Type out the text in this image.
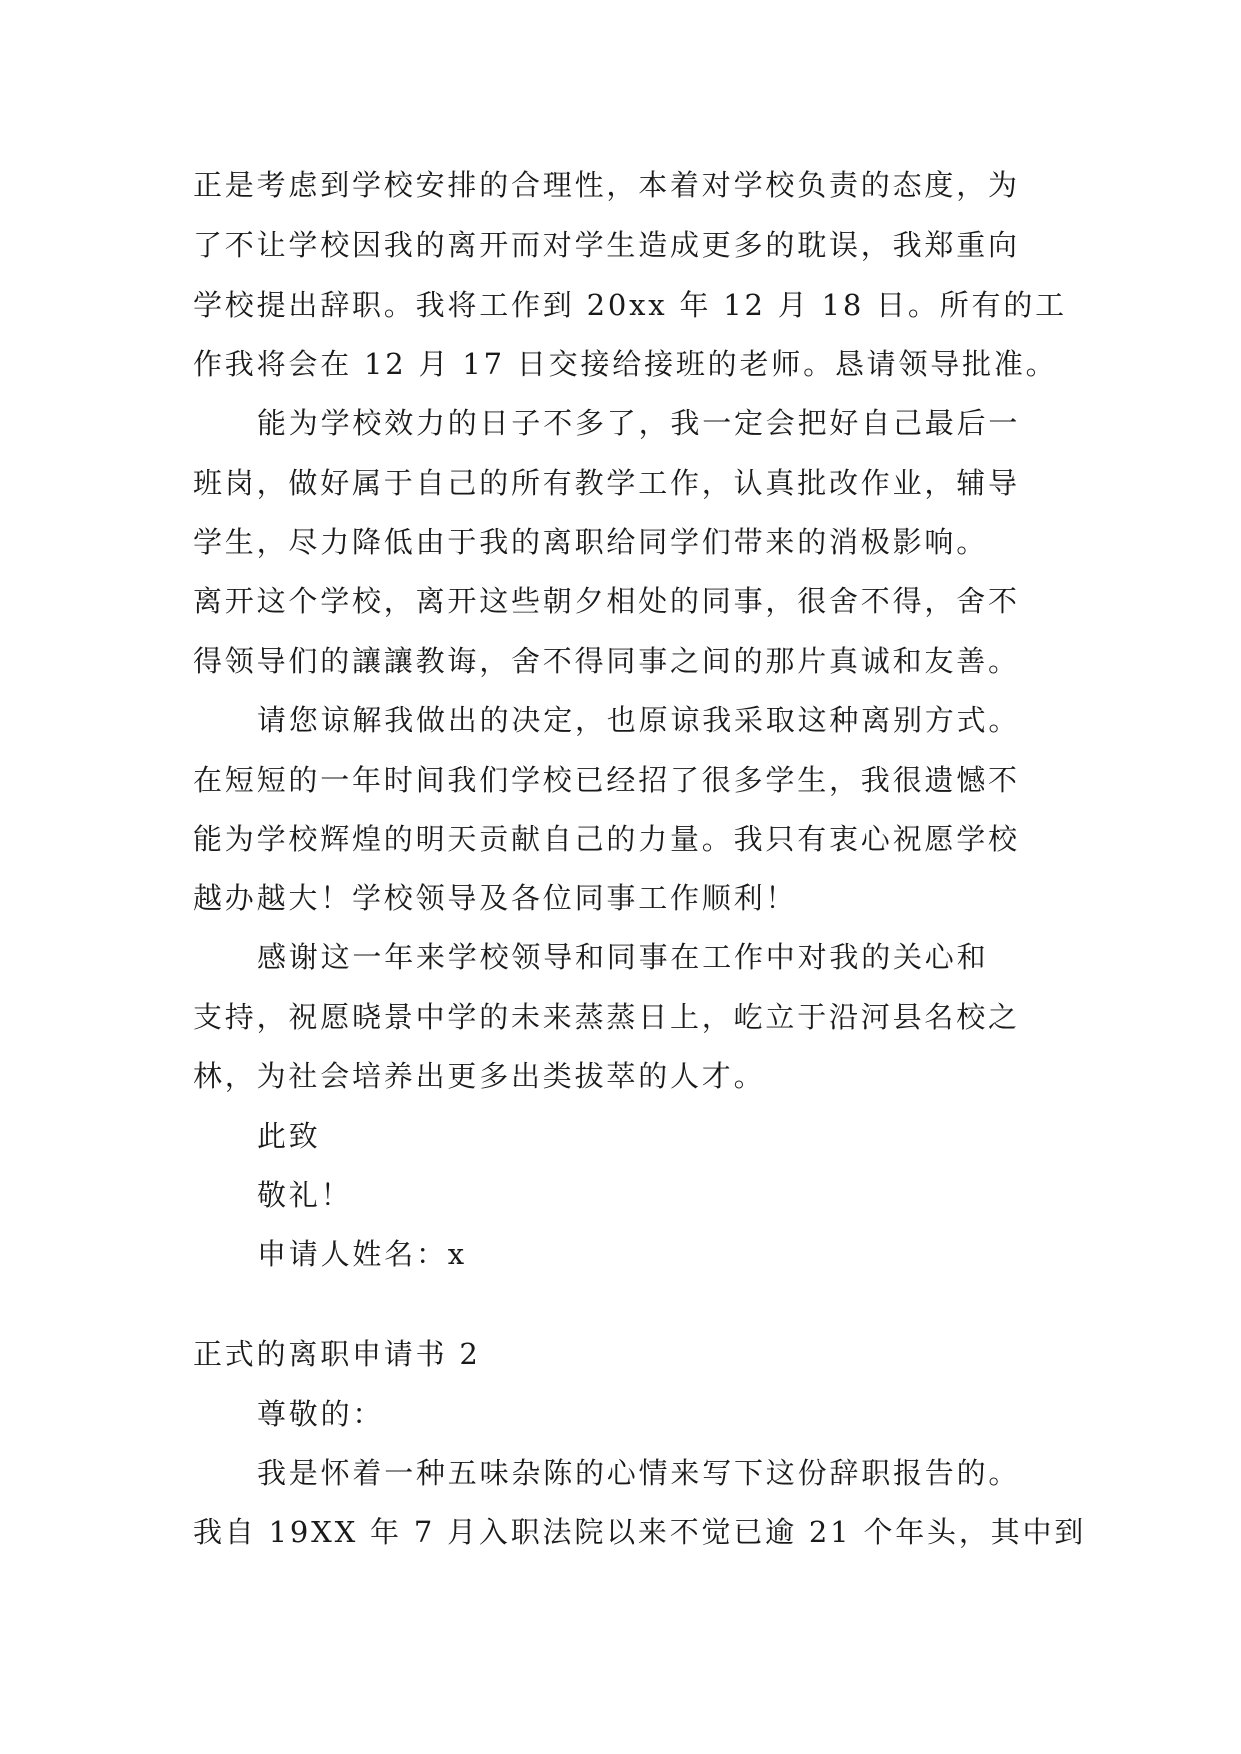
正是考虑到学校安排的合理性，本着对学校负责的态度，为
了不让学校因我的离开而对学生造成更多的耽误，我郑重向
学校提出辞职。我将工作到 20xx 年 12 月 18 日。所有的工
作我将会在 12 月 17 日交接给接班的老师。恳请领导批准。
能为学校效力的日子不多了，我一定会把好自己最后一
班岗，做好属于自己的所有教学工作，认真批改作业，辅导
学生，尽力降低由于我的离职给同学们带来的消极影响。
离开这个学校，离开这些朝夕相处的同事，很舍不得，舍不
得领导们的讓讓教诲，舍不得同事之间的那片真诚和友善。
请您谅解我做出的决定，也原谅我采取这种离别方式。
在短短的一年时间我们学校已经招了很多学生，我很遗憾不
能为学校辉煌的明天贡献自己的力量。我只有衷心祝愿学校
越办越大！学校领导及各位同事工作顺利！
感谢这一年来学校领导和同事在工作中对我的关心和
支持，祝愿晓景中学的未来蒸蒸日上，屹立于沿河县名校之
林，为社会培养出更多出类拔萃的人才。
此致
敬礼！
申请人姓名：x
正式的离职申请书 2
尊敬的：
我是怀着一种五味杂陈的心情来写下这份辞职报告的。
我自 19XX 年 7 月入职法院以来不觉已逾 21 个年头，其中到
